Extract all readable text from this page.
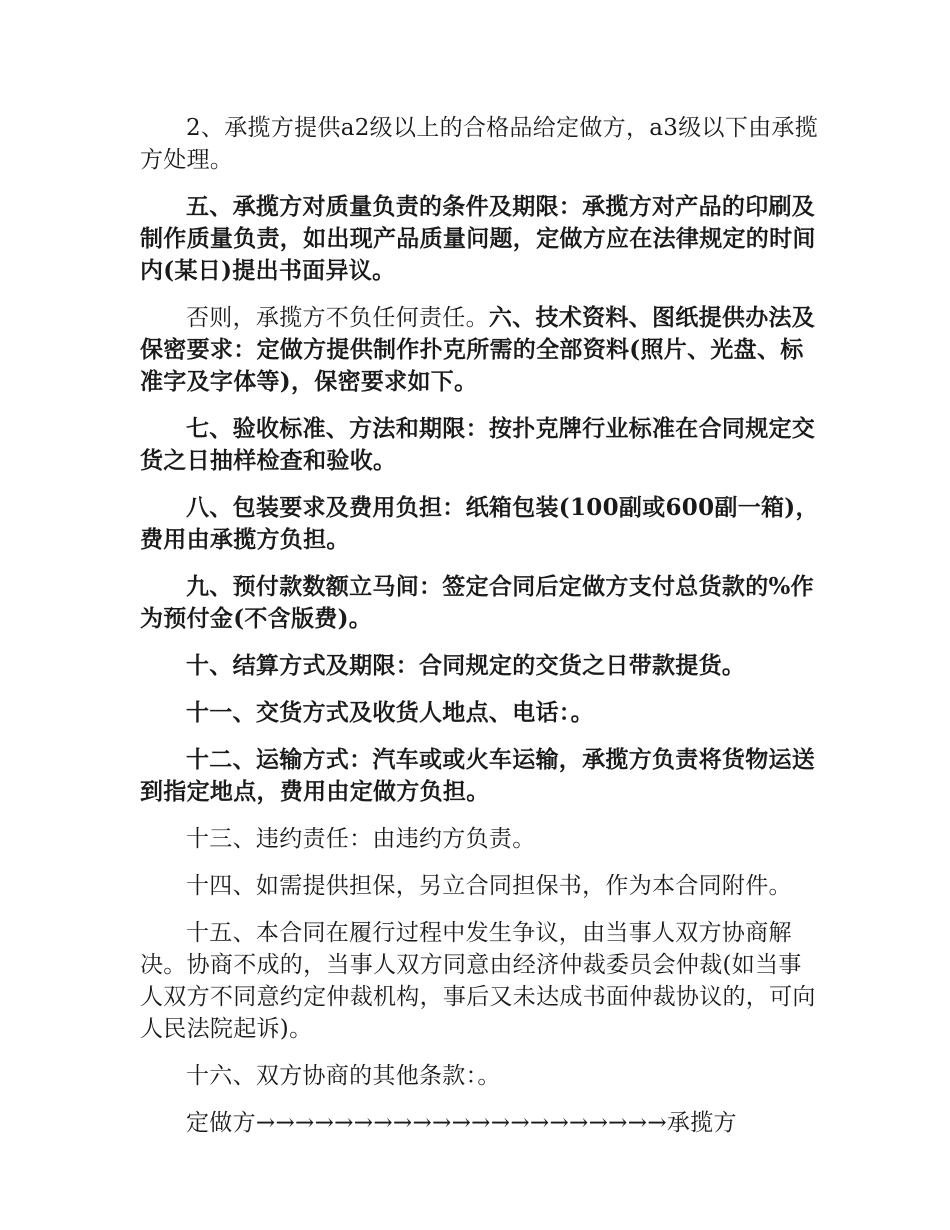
2、承揽方提供a2级以上的合格品给定做方，a3级以下由承揽方处理。

五、承揽方对质量负责的条件及期限：承揽方对产品的印刷及制作质量负责，如出现产品质量问题，定做方应在法律规定的时间内(某日)提出书面异议。

否则，承揽方不负任何责任。六、技术资料、图纸提供办法及保密要求：定做方提供制作扑克所需的全部资料(照片、光盘、标准字及字体等)，保密要求如下。

七、验收标准、方法和期限：按扑克牌行业标准在合同规定交货之日抽样检查和验收。

八、包装要求及费用负担：纸箱包装(100副或600副一箱)，费用由承揽方负担。

九、预付款数额立马间：签定合同后定做方支付总货款的%作为预付金(不含版费)。

十、结算方式及期限：合同规定的交货之日带款提货。

十一、交货方式及收货人地点、电话：。

十二、运输方式：汽车或或火车运输，承揽方负责将货物运送到指定地点，费用由定做方负担。

十三、违约责任：由违约方负责。

十四、如需提供担保，另立合同担保书，作为本合同附件。

十五、本合同在履行过程中发生争议，由当事人双方协商解决。协商不成的，当事人双方同意由经济仲裁委员会仲裁(如当事人双方不同意约定仲裁机构，事后又未达成书面仲裁协议的，可向人民法院起诉)。

十六、双方协商的其他条款：。

定做方→→→→→→→→→→→→→→→→→→→→→承揽方
